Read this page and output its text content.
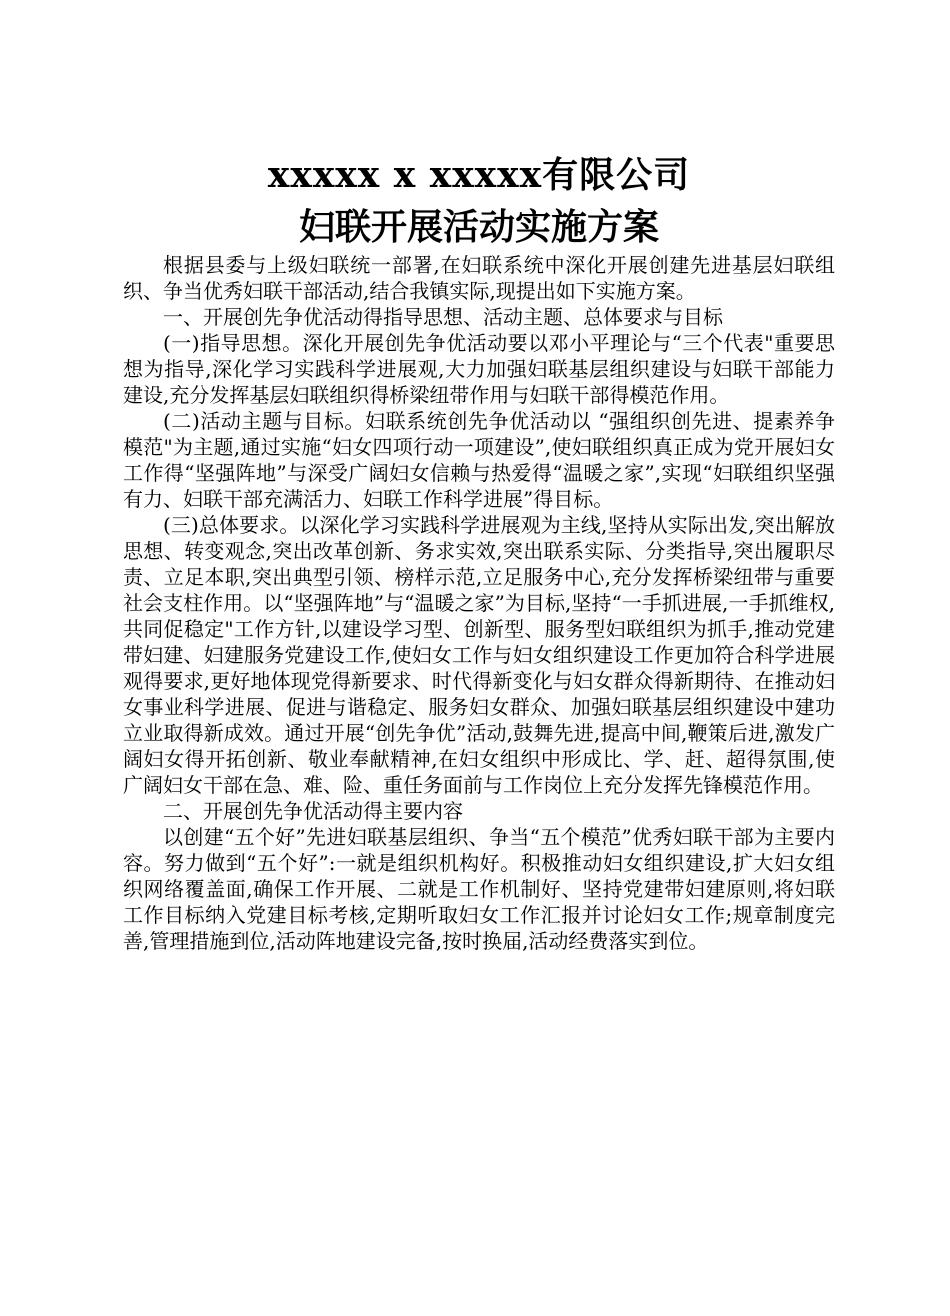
xxxxx x xxxxx有限公司
妇联开展活动实施方案

根据县委与上级妇联统一部署,在妇联系统中深化开展创建先进基层妇联组织、争当优秀妇联干部活动,结合我镇实际,现提出如下实施方案。

一、开展创先争优活动得指导思想、活动主题、总体要求与目标

(一)指导思想。深化开展创先争优活动要以邓小平理论与“三个代表"重要思想为指导,深化学习实践科学进展观,大力加强妇联基层组织建设与妇联干部能力建设,充分发挥基层妇联组织得桥梁纽带作用与妇联干部得模范作用。

(二)活动主题与目标。妇联系统创先争优活动以 “强组织创先进、提素养争模范"为主题,通过实施“妇女四项行动一项建设”,使妇联组织真正成为党开展妇女工作得“坚强阵地”与深受广阔妇女信赖与热爱得“温暖之家”,实现“妇联组织坚强有力、妇联干部充满活力、妇联工作科学进展”得目标。

(三)总体要求。以深化学习实践科学进展观为主线,坚持从实际出发,突出解放思想、转变观念,突出改革创新、务求实效,突出联系实际、分类指导,突出履职尽责、立足本职,突出典型引领、榜样示范,立足服务中心,充分发挥桥梁纽带与重要社会支柱作用。以“坚强阵地”与“温暖之家”为目标,坚持“一手抓进展,一手抓维权,共同促稳定"工作方针,以建设学习型、创新型、服务型妇联组织为抓手,推动党建带妇建、妇建服务党建设工作,使妇女工作与妇女组织建设工作更加符合科学进展观得要求,更好地体现党得新要求、时代得新变化与妇女群众得新期待、在推动妇女事业科学进展、促进与谐稳定、服务妇女群众、加强妇联基层组织建设中建功立业取得新成效。通过开展“创先争优”活动,鼓舞先进,提高中间,鞭策后进,激发广阔妇女得开拓创新、敬业奉献精神,在妇女组织中形成比、学、赶、超得氛围,使广阔妇女干部在急、难、险、重任务面前与工作岗位上充分发挥先锋模范作用。

二、开展创先争优活动得主要内容

以创建“五个好”先进妇联基层组织、争当“五个模范”优秀妇联干部为主要内容。努力做到“五个好”:一就是组织机构好。积极推动妇女组织建设,扩大妇女组织网络覆盖面,确保工作开展、二就是工作机制好、坚持党建带妇建原则,将妇联工作目标纳入党建目标考核,定期听取妇女工作汇报并讨论妇女工作;规章制度完善,管理措施到位,活动阵地建设完备,按时换届,活动经费落实到位。
